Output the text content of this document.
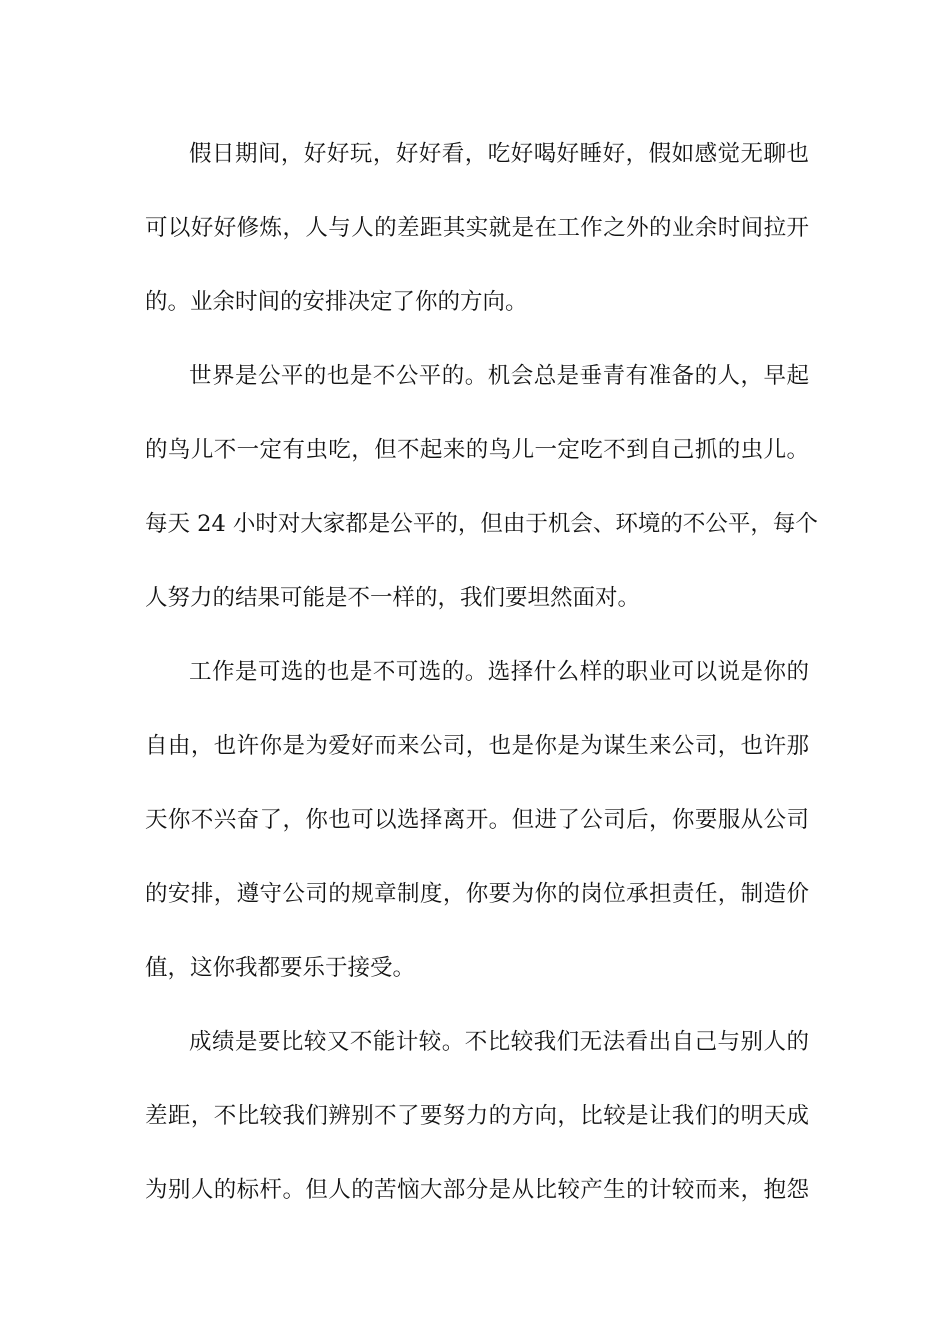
假日期间，好好玩，好好看，吃好喝好睡好，假如感觉无聊也
可以好好修炼，人与人的差距其实就是在工作之外的业余时间拉开
的。业余时间的安排决定了你的方向。
世界是公平的也是不公平的。机会总是垂青有准备的人，早起
的鸟儿不一定有虫吃，但不起来的鸟儿一定吃不到自己抓的虫儿。
每天 24 小时对大家都是公平的，但由于机会、环境的不公平，每个
人努力的结果可能是不一样的，我们要坦然面对。
工作是可选的也是不可选的。选择什么样的职业可以说是你的
自由，也许你是为爱好而来公司，也是你是为谋生来公司，也许那
天你不兴奋了，你也可以选择离开。但进了公司后，你要服从公司
的安排，遵守公司的规章制度，你要为你的岗位承担责任，制造价
值，这你我都要乐于接受。
成绩是要比较又不能计较。不比较我们无法看出自己与别人的
差距，不比较我们辨别不了要努力的方向，比较是让我们的明天成
为别人的标杆。但人的苦恼大部分是从比较产生的计较而来，抱怨
